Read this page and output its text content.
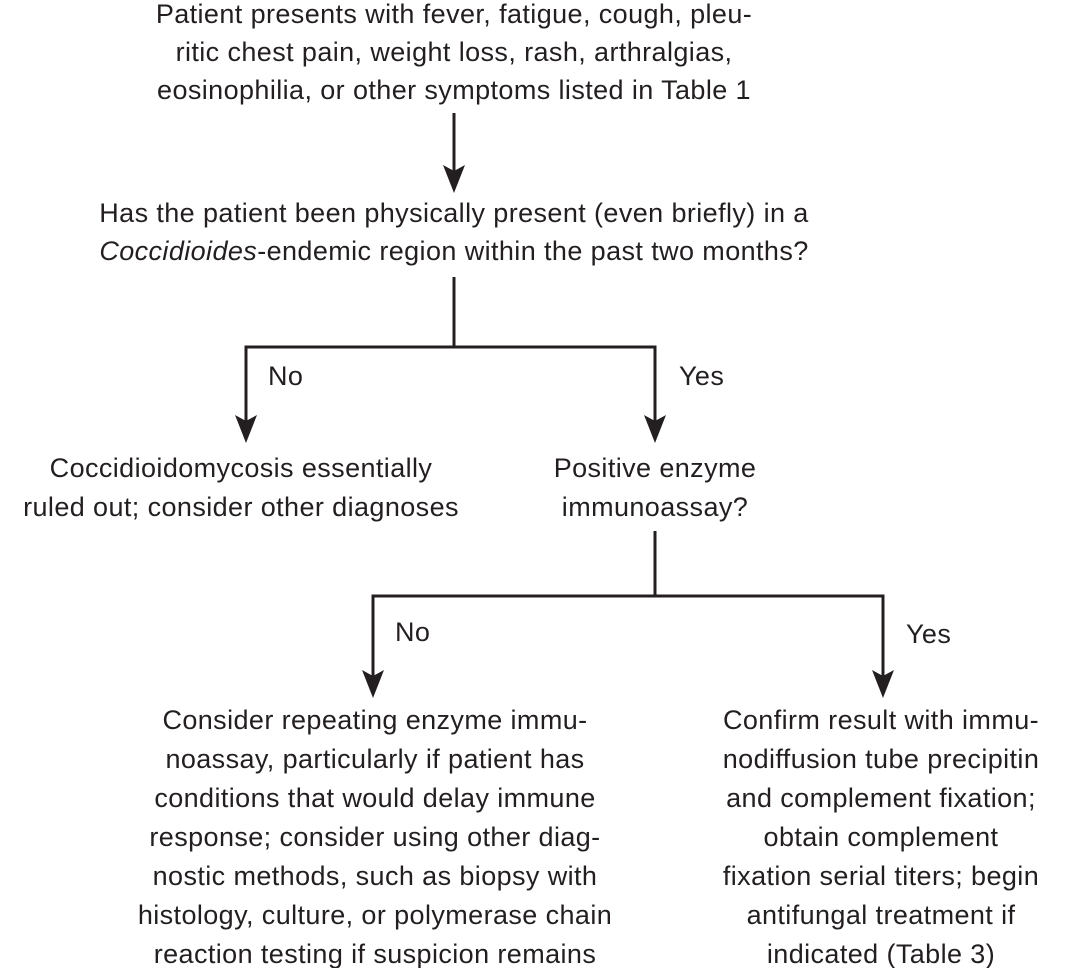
Patient presents with fever, fatigue, cough, pleu-
ritic chest pain, weight loss, rash, arthralgias,
eosinophilia, or other symptoms listed in Table 1
Has the patient been physically present (even briefly) in a
Coccidioides-endemic region within the past two months?
No	Yes
Coccidioidomycosis essentially
ruled out; consider other diagnoses
Positive enzyme
immunoassay?
No	Yes
Consider repeating enzyme immu-
noassay, particularly if patient has
conditions that would delay immune
response; consider using other diag-
nostic methods, such as biopsy with
histology, culture, or polymerase chain
reaction testing if suspicion remains
Confirm result with immu-
nodiffusion tube precipitin
and complement fixation;
obtain complement
fixation serial titers; begin
antifungal treatment if
indicated (Table 3)
